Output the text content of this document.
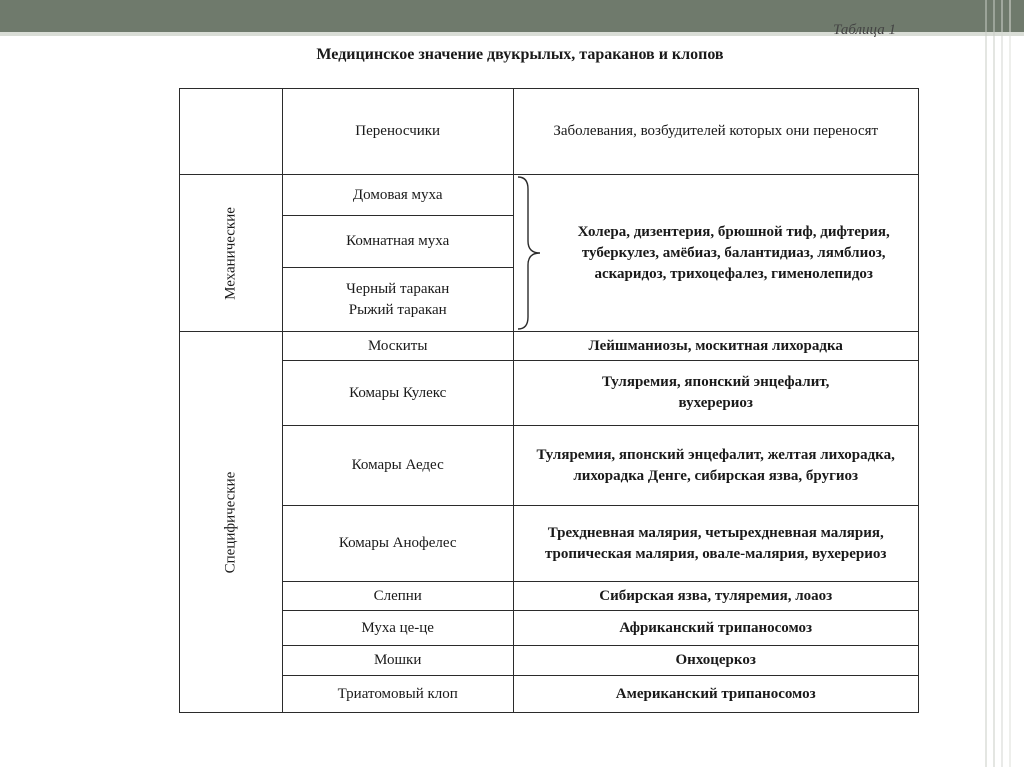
Таблица 1
Медицинское значение двукрылых, тараканов и клопов
	Переносчики	Заболевания, возбудителей которых они переносят

Механические	Домовая муха	Холера, дизентерия, брюшной тиф, дифтерия, туберкулез, амёбиаз, балантидиаз, лямблиоз, аскаридоз, трихоцефалез, гименолепидоз

	Комнатная муха	
	Черный таракан Рыжий таракан	

Специфические	Москиты	Лейшманиозы, москитная лихорадка
	Комары Кулекс	Туляремия, японский энцефалит, вухерериоз
	Комары Аедес	Туляремия, японский энцефалит, желтая лихорадка, лихорадка Денге, сибирская язва, бругиоз
	Комары Анофелес	Трехдневная малярия, четырехдневная малярия, тропическая малярия, овале-малярия, вухерериоз
	Слепни	Сибирская язва, туляремия, лоаоз
	Муха це-це	Африканский трипаносомоз
	Мошки	Онхоцеркоз
	Триатомовый клоп	Американский трипаносомоз
